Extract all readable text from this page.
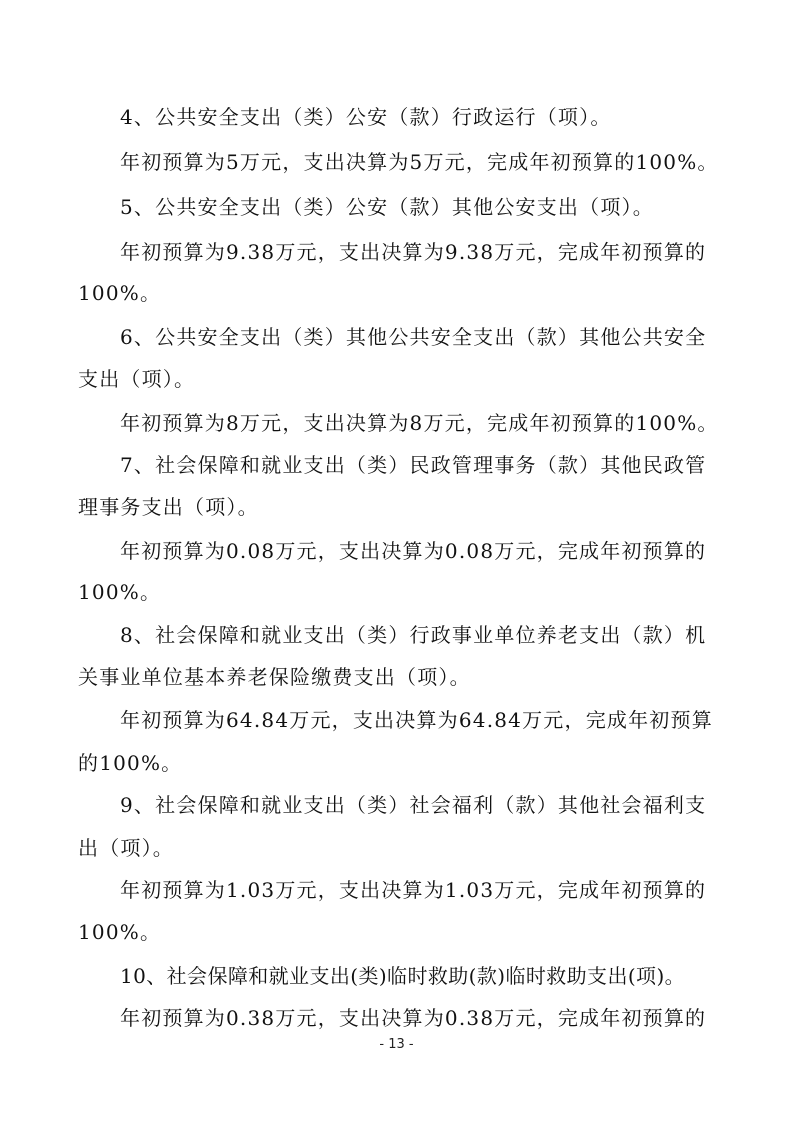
4、公共安全支出（类）公安（款）行政运行（项）。
年初预算为5万元，支出决算为5万元，完成年初预算的100%。
5、公共安全支出（类）公安（款）其他公安支出（项）。
年初预算为9.38万元，支出决算为9.38万元，完成年初预算的
100%。
6、公共安全支出（类）其他公共安全支出（款）其他公共安全
支出（项）。
年初预算为8万元，支出决算为8万元，完成年初预算的100%。
7、社会保障和就业支出（类）民政管理事务（款）其他民政管
理事务支出（项）。
年初预算为0.08万元，支出决算为0.08万元，完成年初预算的
100%。
8、社会保障和就业支出（类）行政事业单位养老支出（款）机
关事业单位基本养老保险缴费支出（项）。
年初预算为64.84万元，支出决算为64.84万元，完成年初预算
的100%。
9、社会保障和就业支出（类）社会福利（款）其他社会福利支
出（项）。
年初预算为1.03万元，支出决算为1.03万元，完成年初预算的
100%。
10、社会保障和就业支出(类)临时救助(款)临时救助支出(项)。
年初预算为0.38万元，支出决算为0.38万元，完成年初预算的
- 13 -
